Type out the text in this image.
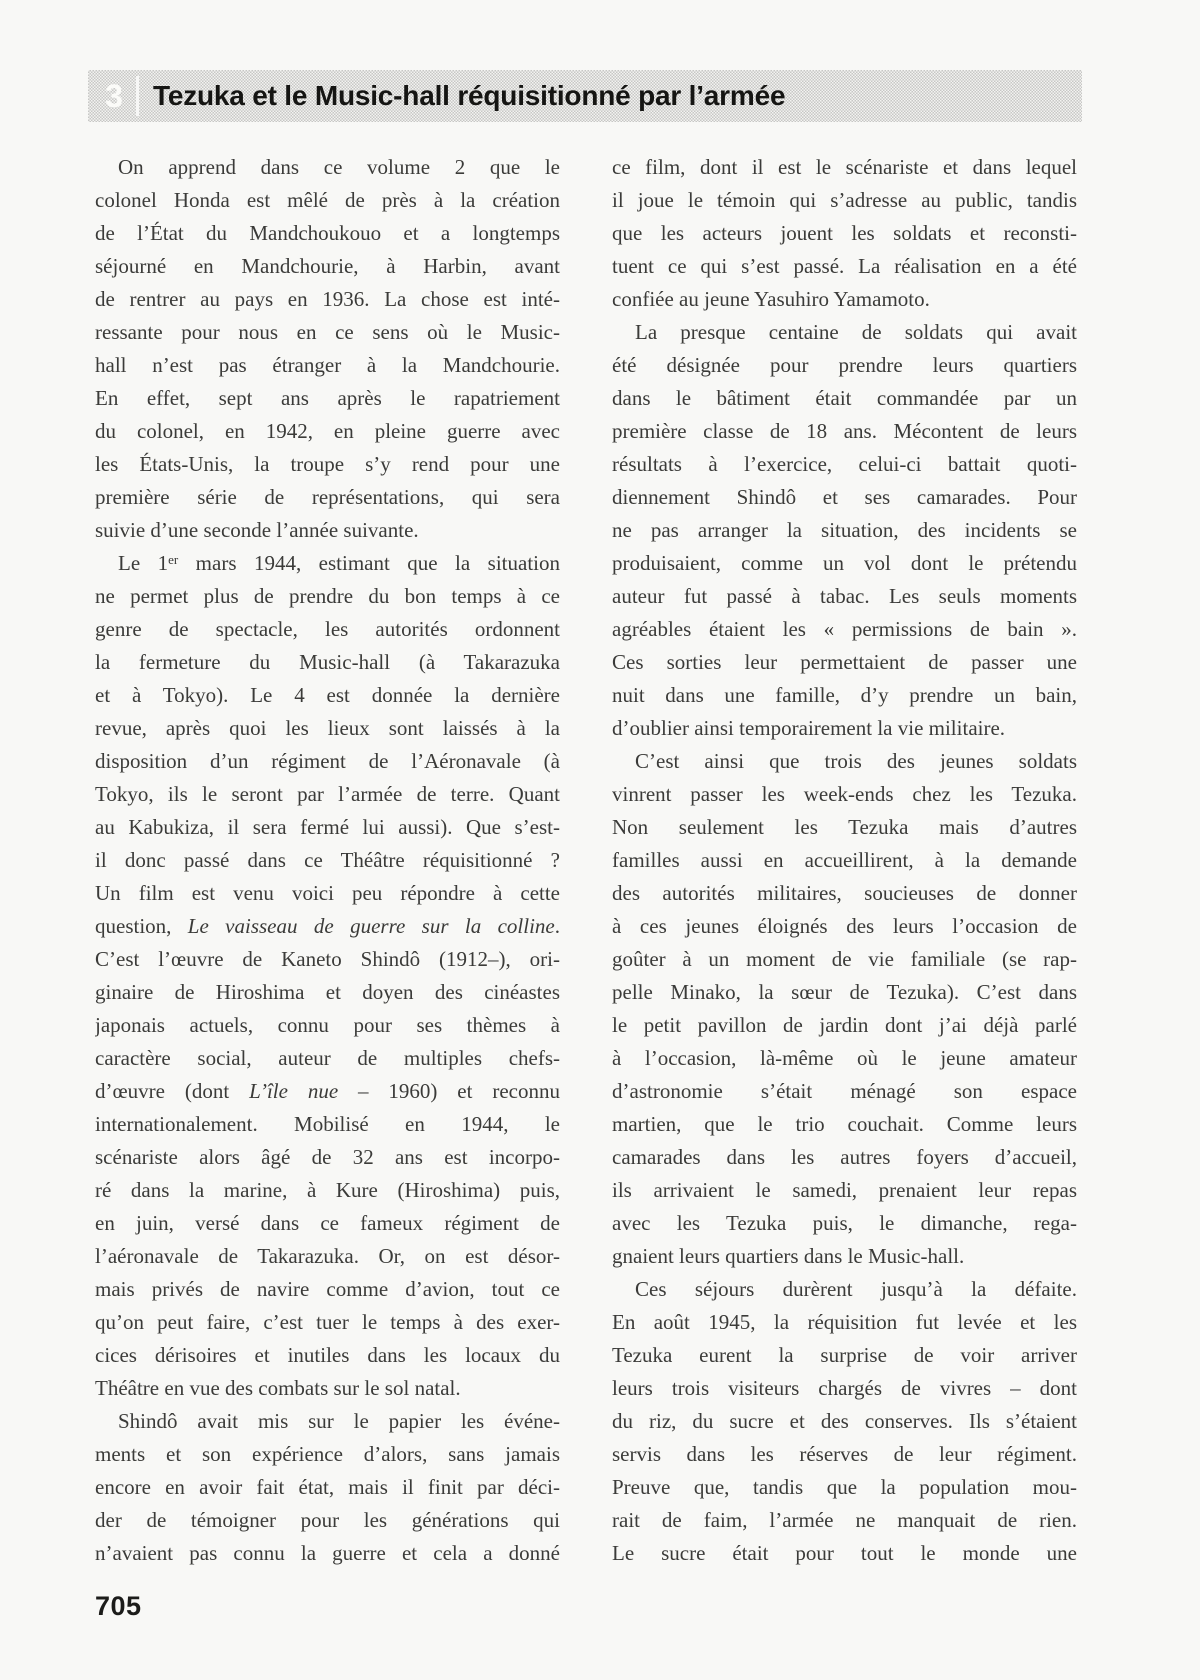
3 Tezuka et le Music-hall réquisitionné par l’armée
On apprend dans ce volume 2 que le
colonel Honda est mêlé de près à la création
de l’État du Mandchoukouo et a longtemps
séjourné en Mandchourie, à Harbin, avant
de rentrer au pays en 1936. La chose est inté-
ressante pour nous en ce sens où le Music-
hall n’est pas étranger à la Mandchourie.
En effet, sept ans après le rapatriement
du colonel, en 1942, en pleine guerre avec
les États-Unis, la troupe s’y rend pour une
première série de représentations, qui sera
suivie d’une seconde l’année suivante.
Le 1er mars 1944, estimant que la situation
ne permet plus de prendre du bon temps à ce
genre de spectacle, les autorités ordonnent
la fermeture du Music-hall (à Takarazuka
et à Tokyo). Le 4 est donnée la dernière
revue, après quoi les lieux sont laissés à la
disposition d’un régiment de l’Aéronavale (à
Tokyo, ils le seront par l’armée de terre. Quant
au Kabukiza, il sera fermé lui aussi). Que s’est-
il donc passé dans ce Théâtre réquisitionné ?
Un film est venu voici peu répondre à cette
question, Le vaisseau de guerre sur la colline.
C’est l’œuvre de Kaneto Shindô (1912–), ori-
ginaire de Hiroshima et doyen des cinéastes
japonais actuels, connu pour ses thèmes à
caractère social, auteur de multiples chefs-
d’œuvre (dont L’île nue – 1960) et reconnu
internationalement. Mobilisé en 1944, le
scénariste alors âgé de 32 ans est incorpo-
ré dans la marine, à Kure (Hiroshima) puis,
en juin, versé dans ce fameux régiment de
l’aéronavale de Takarazuka. Or, on est désor-
mais privés de navire comme d’avion, tout ce
qu’on peut faire, c’est tuer le temps à des exer-
cices dérisoires et inutiles dans les locaux du
Théâtre en vue des combats sur le sol natal.
Shindô avait mis sur le papier les événe-
ments et son expérience d’alors, sans jamais
encore en avoir fait état, mais il finit par déci-
der de témoigner pour les générations qui
n’avaient pas connu la guerre et cela a donné
ce film, dont il est le scénariste et dans lequel
il joue le témoin qui s’adresse au public, tandis
que les acteurs jouent les soldats et reconsti-
tuent ce qui s’est passé. La réalisation en a été
confiée au jeune Yasuhiro Yamamoto.
La presque centaine de soldats qui avait
été désignée pour prendre leurs quartiers
dans le bâtiment était commandée par un
première classe de 18 ans. Mécontent de leurs
résultats à l’exercice, celui-ci battait quoti-
diennement Shindô et ses camarades. Pour
ne pas arranger la situation, des incidents se
produisaient, comme un vol dont le prétendu
auteur fut passé à tabac. Les seuls moments
agréables étaient les « permissions de bain ».
Ces sorties leur permettaient de passer une
nuit dans une famille, d’y prendre un bain,
d’oublier ainsi temporairement la vie militaire.
C’est ainsi que trois des jeunes soldats
vinrent passer les week-ends chez les Tezuka.
Non seulement les Tezuka mais d’autres
familles aussi en accueillirent, à la demande
des autorités militaires, soucieuses de donner
à ces jeunes éloignés des leurs l’occasion de
goûter à un moment de vie familiale (se rap-
pelle Minako, la sœur de Tezuka). C’est dans
le petit pavillon de jardin dont j’ai déjà parlé
à l’occasion, là-même où le jeune amateur
d’astronomie s’était ménagé son espace
martien, que le trio couchait. Comme leurs
camarades dans les autres foyers d’accueil,
ils arrivaient le samedi, prenaient leur repas
avec les Tezuka puis, le dimanche, rega-
gnaient leurs quartiers dans le Music-hall.
Ces séjours durèrent jusqu’à la défaite.
En août 1945, la réquisition fut levée et les
Tezuka eurent la surprise de voir arriver
leurs trois visiteurs chargés de vivres – dont
du riz, du sucre et des conserves. Ils s’étaient
servis dans les réserves de leur régiment.
Preuve que, tandis que la population mou-
rait de faim, l’armée ne manquait de rien.
Le sucre était pour tout le monde une
705
